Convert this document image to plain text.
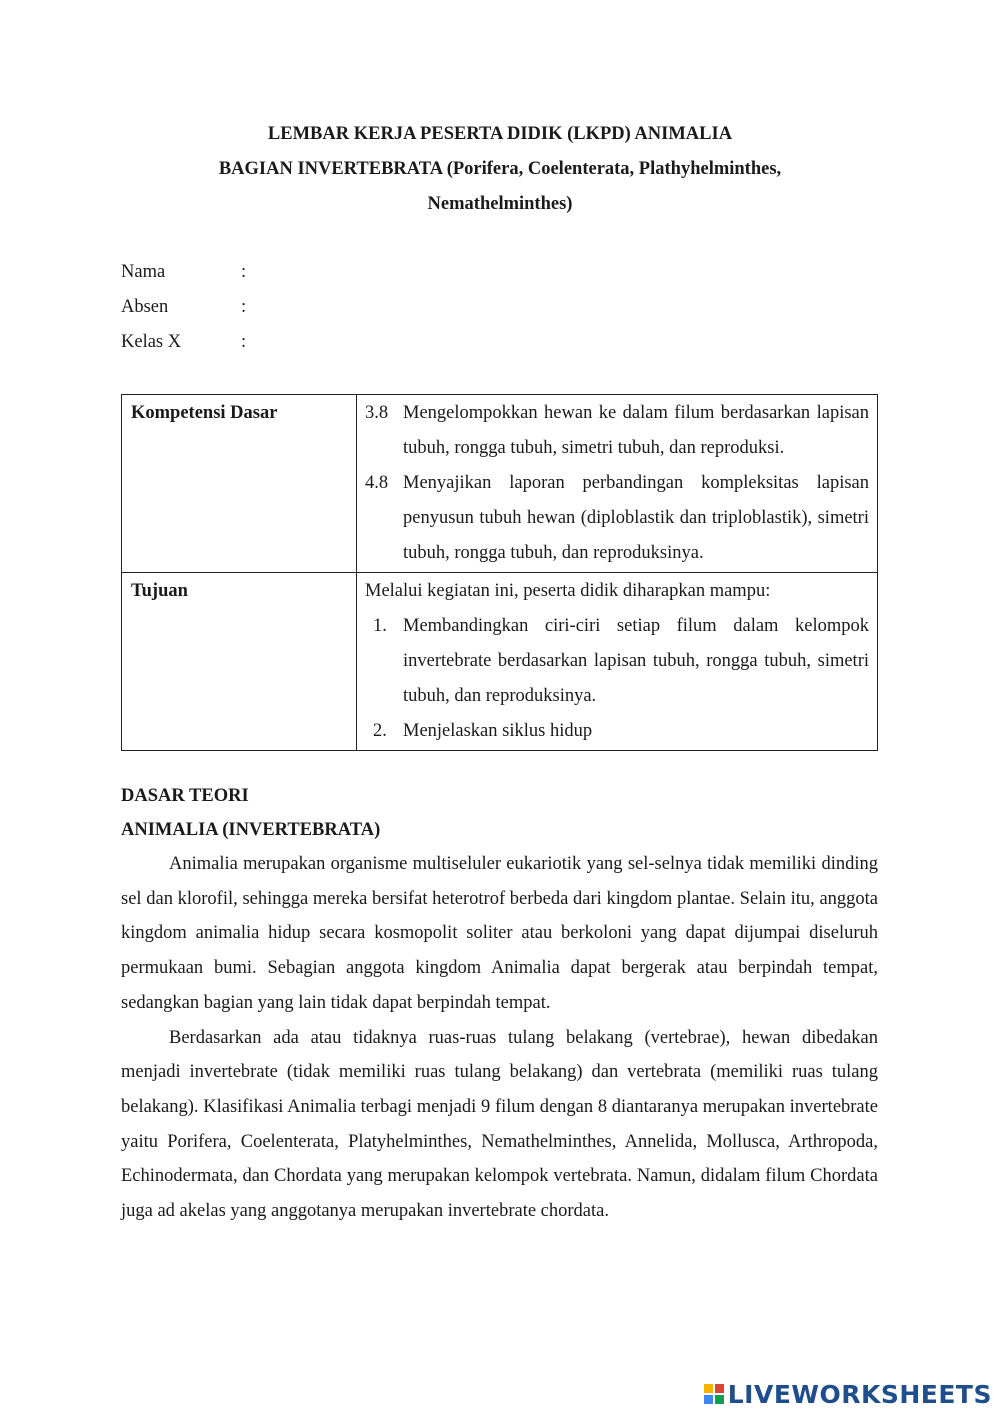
LEMBAR KERJA PESERTA DIDIK (LKPD) ANIMALIA
BAGIAN INVERTEBRATA (Porifera, Coelenterata, Plathyhelminthes,
Nemathelminthes)
Nama	:
Absen	:
Kelas X	:
Kompetensi Dasar	3.8 Mengelompokkan hewan ke dalam filum berdasarkan lapisan tubuh, rongga tubuh, simetri tubuh, dan reproduksi.
4.8 Menyajikan laporan perbandingan kompleksitas lapisan penyusun tubuh hewan (diploblastik dan triploblastik), simetri tubuh, rongga tubuh, dan reproduksinya.

Tujuan	Melalui kegiatan ini, peserta didik diharapkan mampu:
1. Membandingkan ciri-ciri setiap filum dalam kelompok invertebrate berdasarkan lapisan tubuh, rongga tubuh, simetri tubuh, dan reproduksinya.
2. Menjelaskan siklus hidup
DASAR TEORI
ANIMALIA (INVERTEBRATA)

Animalia merupakan organisme multiseluler eukariotik yang sel-selnya tidak memiliki dinding sel dan klorofil, sehingga mereka bersifat heterotrof berbeda dari kingdom plantae. Selain itu, anggota kingdom animalia hidup secara kosmopolit soliter atau berkoloni yang dapat dijumpai diseluruh permukaan bumi. Sebagian anggota kingdom Animalia dapat bergerak atau berpindah tempat, sedangkan bagian yang lain tidak dapat berpindah tempat.

Berdasarkan ada atau tidaknya ruas-ruas tulang belakang (vertebrae), hewan dibedakan menjadi invertebrate (tidak memiliki ruas tulang belakang) dan vertebrata (memiliki ruas tulang belakang). Klasifikasi Animalia terbagi menjadi 9 filum dengan 8 diantaranya merupakan invertebrate yaitu Porifera, Coelenterata, Platyhelminthes, Nemathelminthes, Annelida, Mollusca, Arthropoda, Echinodermata, dan Chordata yang merupakan kelompok vertebrata. Namun, didalam filum Chordata juga ad akelas yang anggotanya merupakan invertebrate chordata.

LIVEWORKSHEETS
